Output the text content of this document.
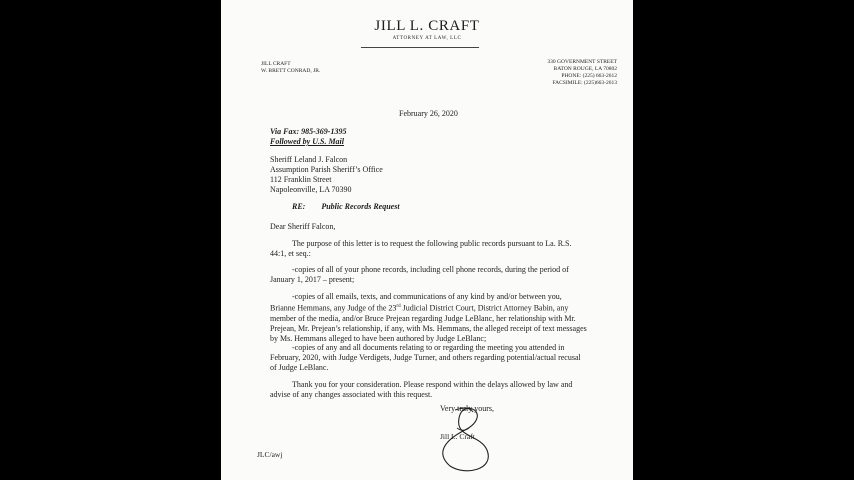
JILL L. CRAFT
ATTORNEY AT LAW, LLC
JILL CRAFT
W. BRETT CONRAD, JR.
330 GOVERNMENT STREET
BATON ROUGE, LA 70802
PHONE: (225) 663-2612
FACSIMILE: (225)663-2613
February 26, 2020
Via Fax: 985-369-1395
Followed by U.S. Mail
Sheriff Leland J. Falcon
Assumption Parish Sheriff’s Office
112 Franklin Street
Napoleonville, LA 70390
RE: Public Records Request
Dear Sheriff Falcon,
The purpose of this letter is to request the following public records pursuant to La. R.S.
44:1, et seq.:
-copies of all of your phone records, including cell phone records, during the period of
January 1, 2017 – present;
-copies of all emails, texts, and communications of any kind by and/or between you,
Brianne Hemmans, any Judge of the 23rd Judicial District Court, District Attorney Babin, any
member of the media, and/or Bruce Prejean regarding Judge LeBlanc, her relationship with Mr.
Prejean, Mr. Prejean’s relationship, if any, with Ms. Hemmans, the alleged receipt of text messages
by Ms. Hemmans alleged to have been authored by Judge LeBlanc;
-copies of any and all documents relating to or regarding the meeting you attended in
February, 2020, with Judge Verdigets, Judge Turner, and others regarding potential/actual recusal
of Judge LeBlanc.
Thank you for your consideration. Please respond within the delays allowed by law and
advise of any changes associated with this request.
Very truly yours,
Jill L. Craft
JLC/awj
